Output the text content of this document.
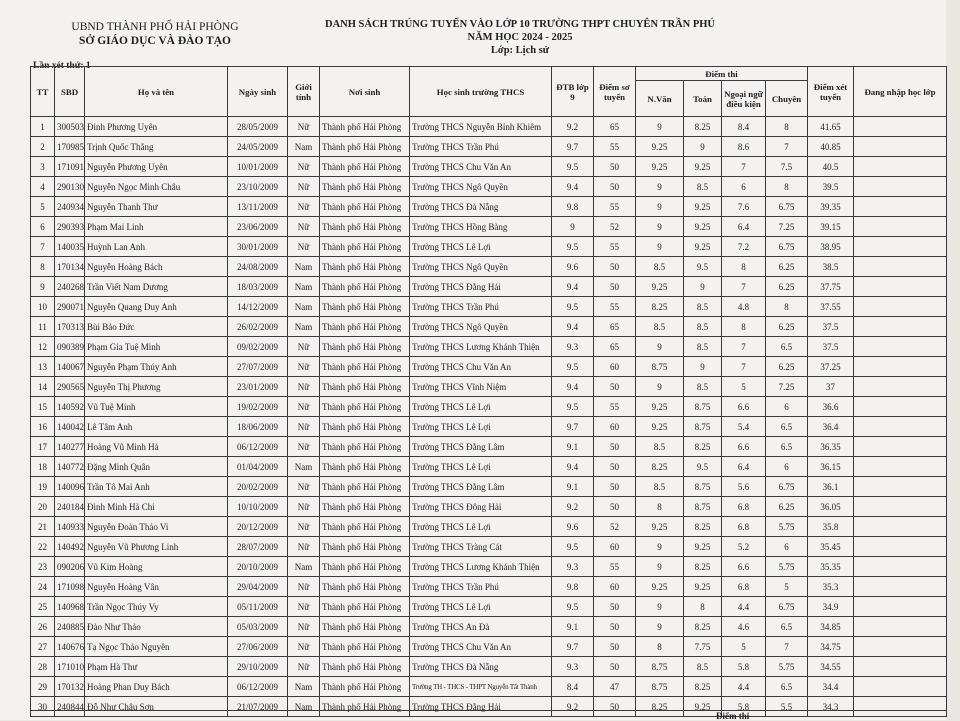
UBND THÀNH PHỐ HẢI PHÒNG
SỞ GIÁO DỤC VÀ ĐÀO TẠO
DANH SÁCH TRÚNG TUYỂN VÀO LỚP 10 TRƯỜNG THPT CHUYÊN TRẦN PHÚ
NĂM HỌC 2024 - 2025
Lớp: Lịch sử
Lần xét thứ: 1
TT	SBD	Họ và tên	Ngày sinh	Giới tính	Nơi sinh	Học sinh trường THCS	ĐTB lớp 9	Điểm sơ tuyển	Điểm thi				Điểm xét tuyển	Đang nhập học lớp
									N.Văn	Toán	Ngoại ngữ điều kiện	Chuyên		
1	300503	Đinh Phương Uyên	28/05/2009	Nữ	Thành phố Hải Phòng	Trường THCS Nguyễn Bỉnh Khiêm	9.2	65	9	8.25	8.4	8	41.65	
2	170985	Trịnh Quốc Thắng	24/05/2009	Nam	Thành phố Hải Phòng	Trường THCS Trần Phú	9.7	55	9.25	9	8.6	7	40.85	
3	171091	Nguyễn Phương Uyên	10/01/2009	Nữ	Thành phố Hải Phòng	Trường THCS Chu Văn An	9.5	50	9.25	9.25	7	7.5	40.5	
4	290130	Nguyễn Ngọc Minh Châu	23/10/2009	Nữ	Thành phố Hải Phòng	Trường THCS Ngô Quyền	9.4	50	9	8.5	6	8	39.5	
5	240934	Nguyễn Thanh Thư	13/11/2009	Nữ	Thành phố Hải Phòng	Trường THCS Đà Nẵng	9.8	55	9	9.25	7.6	6.75	39.35	
6	290393	Phạm Mai Linh	23/06/2009	Nữ	Thành phố Hải Phòng	Trường THCS Hồng Bàng	9	52	9	9.25	6.4	7.25	39.15	
7	140035	Huỳnh Lan Anh	30/01/2009	Nữ	Thành phố Hải Phòng	Trường THCS Lê Lợi	9.5	55	9	9.25	7.2	6.75	38.95	
8	170134	Nguyễn Hoàng Bách	24/08/2009	Nam	Thành phố Hải Phòng	Trường THCS Ngô Quyền	9.6	50	8.5	9.5	8	6.25	38.5	
9	240268	Trần Viết Nam Dương	18/03/2009	Nam	Thành phố Hải Phòng	Trường THCS Đằng Hải	9.4	50	9.25	9	7	6.25	37.75	
10	290071	Nguyễn Quang Duy Anh	14/12/2009	Nam	Thành phố Hải Phòng	Trường THCS Trần Phú	9.5	55	8.25	8.5	4.8	8	37.55	
11	170313	Bùi Bảo Đức	26/02/2009	Nam	Thành phố Hải Phòng	Trường THCS Ngô Quyền	9.4	65	8.5	8.5	8	6.25	37.5	
12	090389	Phạm Gia Tuệ Minh	09/02/2009	Nữ	Thành phố Hải Phòng	Trường THCS Lương Khánh Thiện	9.3	65	9	8.5	7	6.5	37.5	
13	140067	Nguyễn Phạm Thúy Anh	27/07/2009	Nữ	Thành phố Hải Phòng	Trường THCS Chu Văn An	9.5	60	8.75	9	7	6.25	37.25	
14	290565	Nguyễn Thị Phương	23/01/2009	Nữ	Thành phố Hải Phòng	Trường THCS Vĩnh Niệm	9.4	50	9	8.5	5	7.25	37	
15	140592	Vũ Tuệ Minh	19/02/2009	Nữ	Thành phố Hải Phòng	Trường THCS Lê Lợi	9.5	55	9.25	8.75	6.6	6	36.6	
16	140042	Lê Tâm Anh	18/06/2009	Nữ	Thành phố Hải Phòng	Trường THCS Lê Lợi	9.7	60	9.25	8.75	5.4	6.5	36.4	
17	140277	Hoàng Vũ Minh Hà	06/12/2009	Nữ	Thành phố Hải Phòng	Trường THCS Đằng Lâm	9.1	50	8.5	8.25	6.6	6.5	36.35	
18	140772	Đặng Minh Quân	01/04/2009	Nam	Thành phố Hải Phòng	Trường THCS Lê Lợi	9.4	50	8.25	9.5	6.4	6	36.15	
19	140096	Trần Tô Mai Anh	20/02/2009	Nữ	Thành phố Hải Phòng	Trường THCS Đằng Lâm	9.1	50	8.5	8.75	5.6	6.75	36.1	
20	240184	Đinh Minh Hà Chi	10/10/2009	Nữ	Thành phố Hải Phòng	Trường THCS Đông Hải	9.2	50	8	8.75	6.8	6.25	36.05	
21	140933	Nguyễn Đoàn Thảo Vi	20/12/2009	Nữ	Thành phố Hải Phòng	Trường THCS Lê Lợi	9.6	52	9.25	8.25	6.8	5.75	35.8	
22	140492	Nguyễn Vũ Phương Linh	28/07/2009	Nữ	Thành phố Hải Phòng	Trường THCS Tràng Cát	9.5	60	9	9.25	5.2	6	35.45	
23	090206	Vũ Kim Hoàng	20/10/2009	Nam	Thành phố Hải Phòng	Trường THCS Lương Khánh Thiện	9.3	55	9	8.25	6.6	5.75	35.35	
24	171098	Nguyễn Hoàng Vân	29/04/2009	Nữ	Thành phố Hải Phòng	Trường THCS Trần Phú	9.8	60	9.25	9.25	6.8	5	35.3	
25	140968	Trần Ngọc Thúy Vy	05/11/2009	Nữ	Thành phố Hải Phòng	Trường THCS Lê Lợi	9.5	50	9	8	4.4	6.75	34.9	
26	240885	Đào Như Thảo	05/03/2009	Nữ	Thành phố Hải Phòng	Trường THCS An Đà	9.1	50	9	8.25	4.6	6.5	34.85	
27	140676	Tạ Ngọc Thảo Nguyên	27/06/2009	Nữ	Thành phố Hải Phòng	Trường THCS Chu Văn An	9.7	50	8	7.75	5	7	34.75	
28	171010	Phạm Hà Thư	29/10/2009	Nữ	Thành phố Hải Phòng	Trường THCS Đà Nẵng	9.3	50	8.75	8.5	5.8	5.75	34.55	
29	170132	Hoàng Phan Duy Bách	06/12/2009	Nam	Thành phố Hải Phòng	Trường TH - THCS - THPT Nguyễn Tất Thành	8.4	47	8.75	8.25	4.4	6.5	34.4	
30	240844	Đỗ Như Châu Sơn	21/07/2009	Nam	Thành phố Hải Phòng	Trường THCS Đằng Hải	9.2	50	8.25	9.25	5.8	5.5	34.3	
Điểm thi
